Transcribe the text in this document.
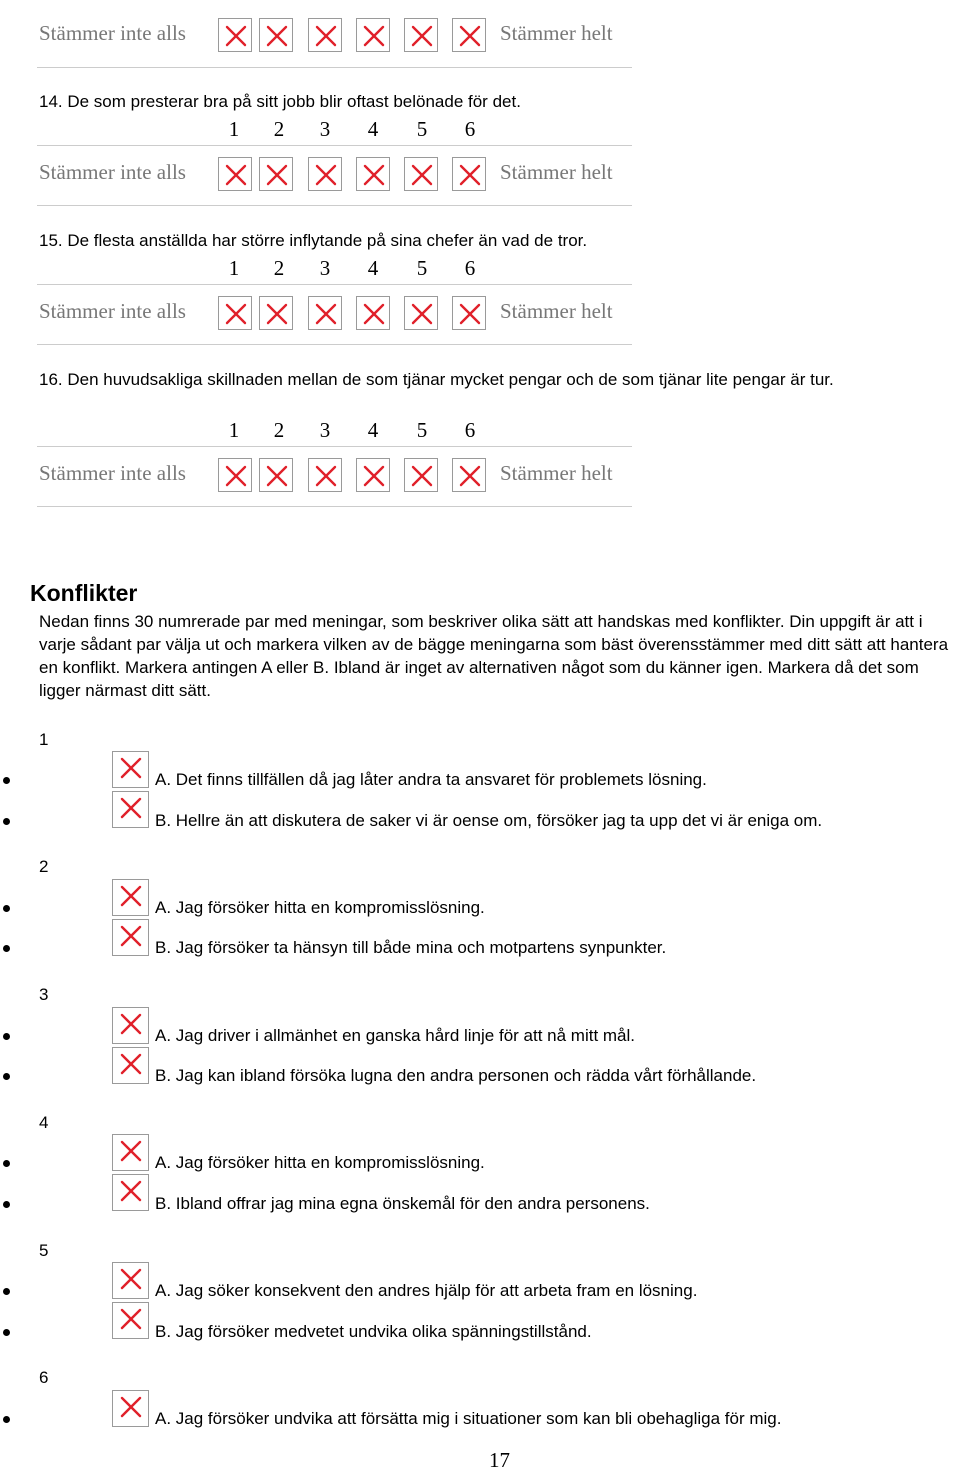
Stämmer inte alls	Stämmer helt
14. De som presterar bra på sitt jobb blir oftast belönade för det.
1 2 3 4 5 6
Stämmer inte alls	Stämmer helt
15. De flesta anställda har större inflytande på sina chefer än vad de tror.
1 2 3 4 5 6
Stämmer inte alls	Stämmer helt
16. Den huvudsakliga skillnaden mellan de som tjänar mycket pengar och de som tjänar lite pengar är tur.
1 2 3 4 5 6
Stämmer inte alls	Stämmer helt
Konflikter
Nedan finns 30 numrerade par med meningar, som beskriver olika sätt att handskas med konflikter. Din uppgift är att i varje sådant par välja ut och markera vilken av de bägge meningarna som bäst överensstämmer med ditt sätt att hantera en konflikt. Markera antingen A eller B. Ibland är inget av alternativen något som du känner igen. Markera då det som ligger närmast ditt sätt.
1
A. Det finns tillfällen då jag låter andra ta ansvaret för problemets lösning.
B. Hellre än att diskutera de saker vi är oense om, försöker jag ta upp det vi är eniga om.
2
A. Jag försöker hitta en kompromisslösning.
B. Jag försöker ta hänsyn till både mina och motpartens synpunkter.
3
A. Jag driver i allmänhet en ganska hård linje för att nå mitt mål.
B. Jag kan ibland försöka lugna den andra personen och rädda vårt förhållande.
4
A. Jag försöker hitta en kompromisslösning.
B. Ibland offrar jag mina egna önskemål för den andra personens.
5
A. Jag söker konsekvent den andres hjälp för att arbeta fram en lösning.
B. Jag försöker medvetet undvika olika spänningstillstånd.
6
A. Jag försöker undvika att försätta mig i situationer som kan bli obehagliga för mig.
17
